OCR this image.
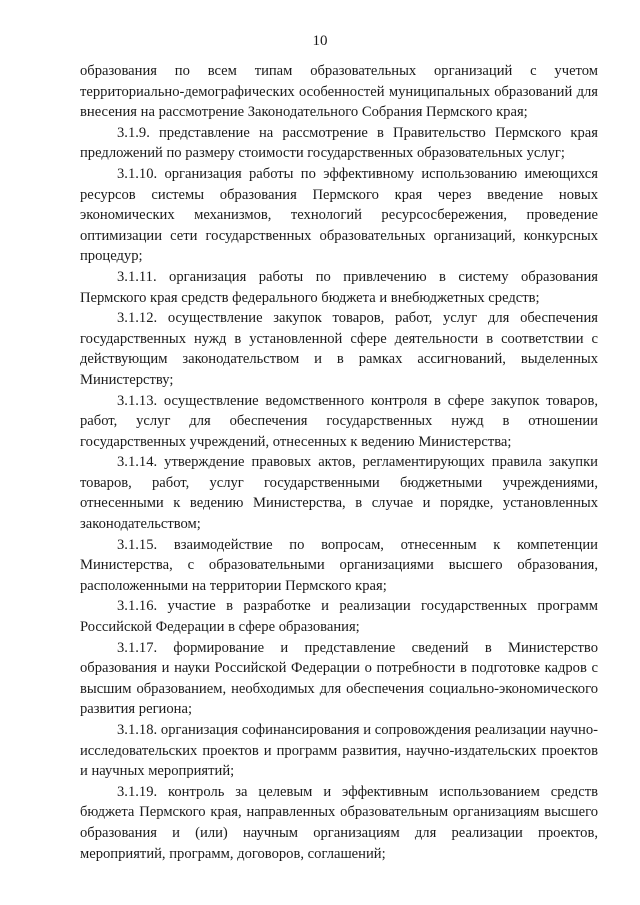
10

образования по всем типам образовательных организаций с учетом территориально-демографических особенностей муниципальных образований для внесения на рассмотрение Законодательного Собрания Пермского края;

3.1.9. представление на рассмотрение в Правительство Пермского края предложений по размеру стоимости государственных образовательных услуг;

3.1.10. организация работы по эффективному использованию имеющихся ресурсов системы образования Пермского края через введение новых экономических механизмов, технологий ресурсосбережения, проведение оптимизации сети государственных образовательных организаций, конкурсных процедур;

3.1.11. организация работы по привлечению в систему образования Пермского края средств федерального бюджета и внебюджетных средств;

3.1.12. осуществление закупок товаров, работ, услуг для обеспечения государственных нужд в установленной сфере деятельности в соответствии с действующим законодательством и в рамках ассигнований, выделенных Министерству;

3.1.13. осуществление ведомственного контроля в сфере закупок товаров, работ, услуг для обеспечения государственных нужд в отношении государственных учреждений, отнесенных к ведению Министерства;

3.1.14. утверждение правовых актов, регламентирующих правила закупки товаров, работ, услуг государственными бюджетными учреждениями, отнесенными к ведению Министерства, в случае и порядке, установленных законодательством;

3.1.15. взаимодействие по вопросам, отнесенным к компетенции Министерства, с образовательными организациями высшего образования, расположенными на территории Пермского края;

3.1.16. участие в разработке и реализации государственных программ Российской Федерации в сфере образования;

3.1.17. формирование и представление сведений в Министерство образования и науки Российской Федерации о потребности в подготовке кадров с высшим образованием, необходимых для обеспечения социально-экономического развития региона;

3.1.18. организация софинансирования и сопровождения реализации научно-исследовательских проектов и программ развития, научно-издательских проектов и научных мероприятий;

3.1.19. контроль за целевым и эффективным использованием средств бюджета Пермского края, направленных образовательным организациям высшего образования и (или) научным организациям для реализации проектов, мероприятий, программ, договоров, соглашений;
